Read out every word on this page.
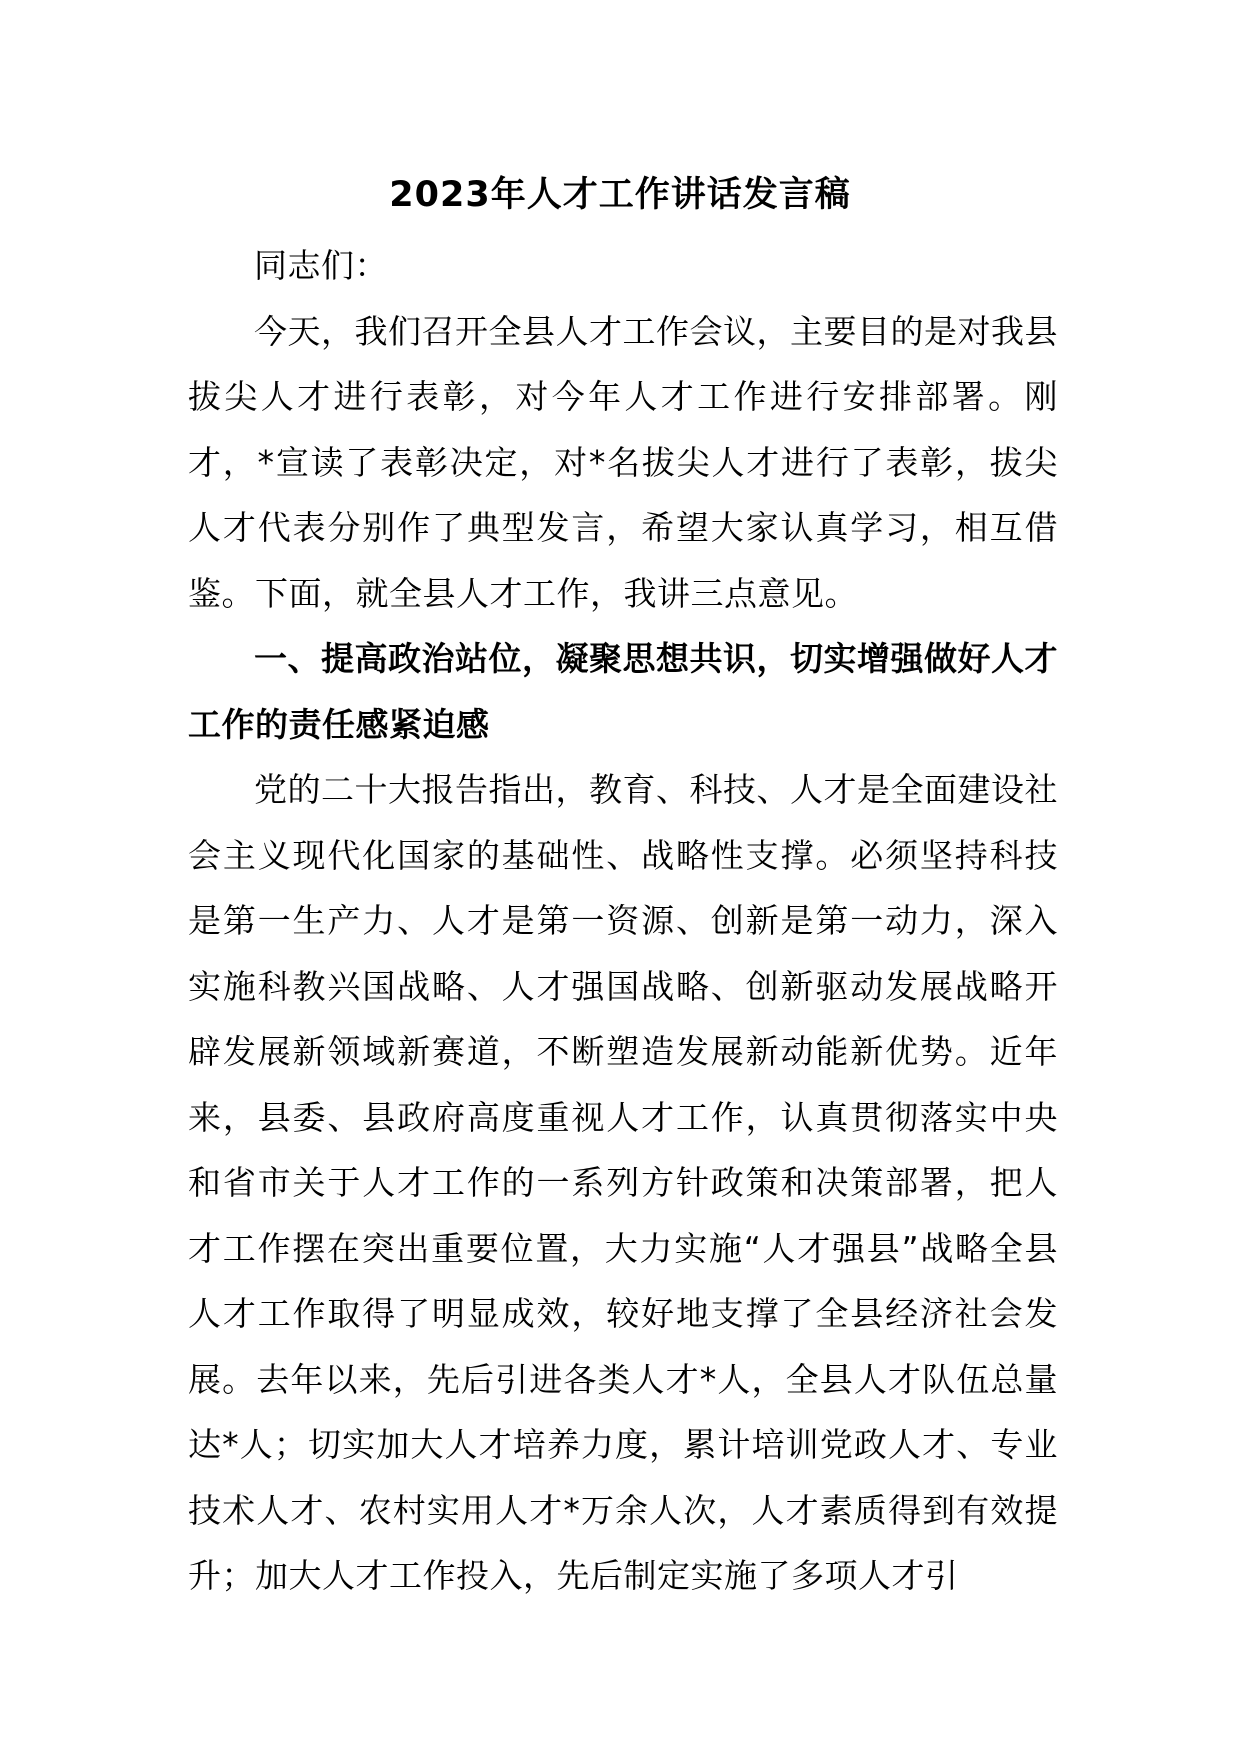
2023年人才工作讲话发言稿

同志们：

今天，我们召开全县人才工作会议，主要目的是对我县拔尖人才进行表彰，对今年人才工作进行安排部署。刚才，*宣读了表彰决定，对*名拔尖人才进行了表彰，拔尖人才代表分别作了典型发言，希望大家认真学习，相互借鉴。下面，就全县人才工作，我讲三点意见。

一、提高政治站位，凝聚思想共识，切实增强做好人才工作的责任感紧迫感

党的二十大报告指出，教育、科技、人才是全面建设社会主义现代化国家的基础性、战略性支撑。必须坚持科技是第一生产力、人才是第一资源、创新是第一动力，深入实施科教兴国战略、人才强国战略、创新驱动发展战略开辟发展新领域新赛道，不断塑造发展新动能新优势。近年来，县委、县政府高度重视人才工作，认真贯彻落实中央和省市关于人才工作的一系列方针政策和决策部署，把人才工作摆在突出重要位置，大力实施“人才强县”战略全县人才工作取得了明显成效，较好地支撑了全县经济社会发展。去年以来，先后引进各类人才*人，全县人才队伍总量达*人；切实加大人才培养力度，累计培训党政人才、专业技术人才、农村实用人才*万余人次，人才素质得到有效提升；加大人才工作投入，先后制定实施了多项人才引
